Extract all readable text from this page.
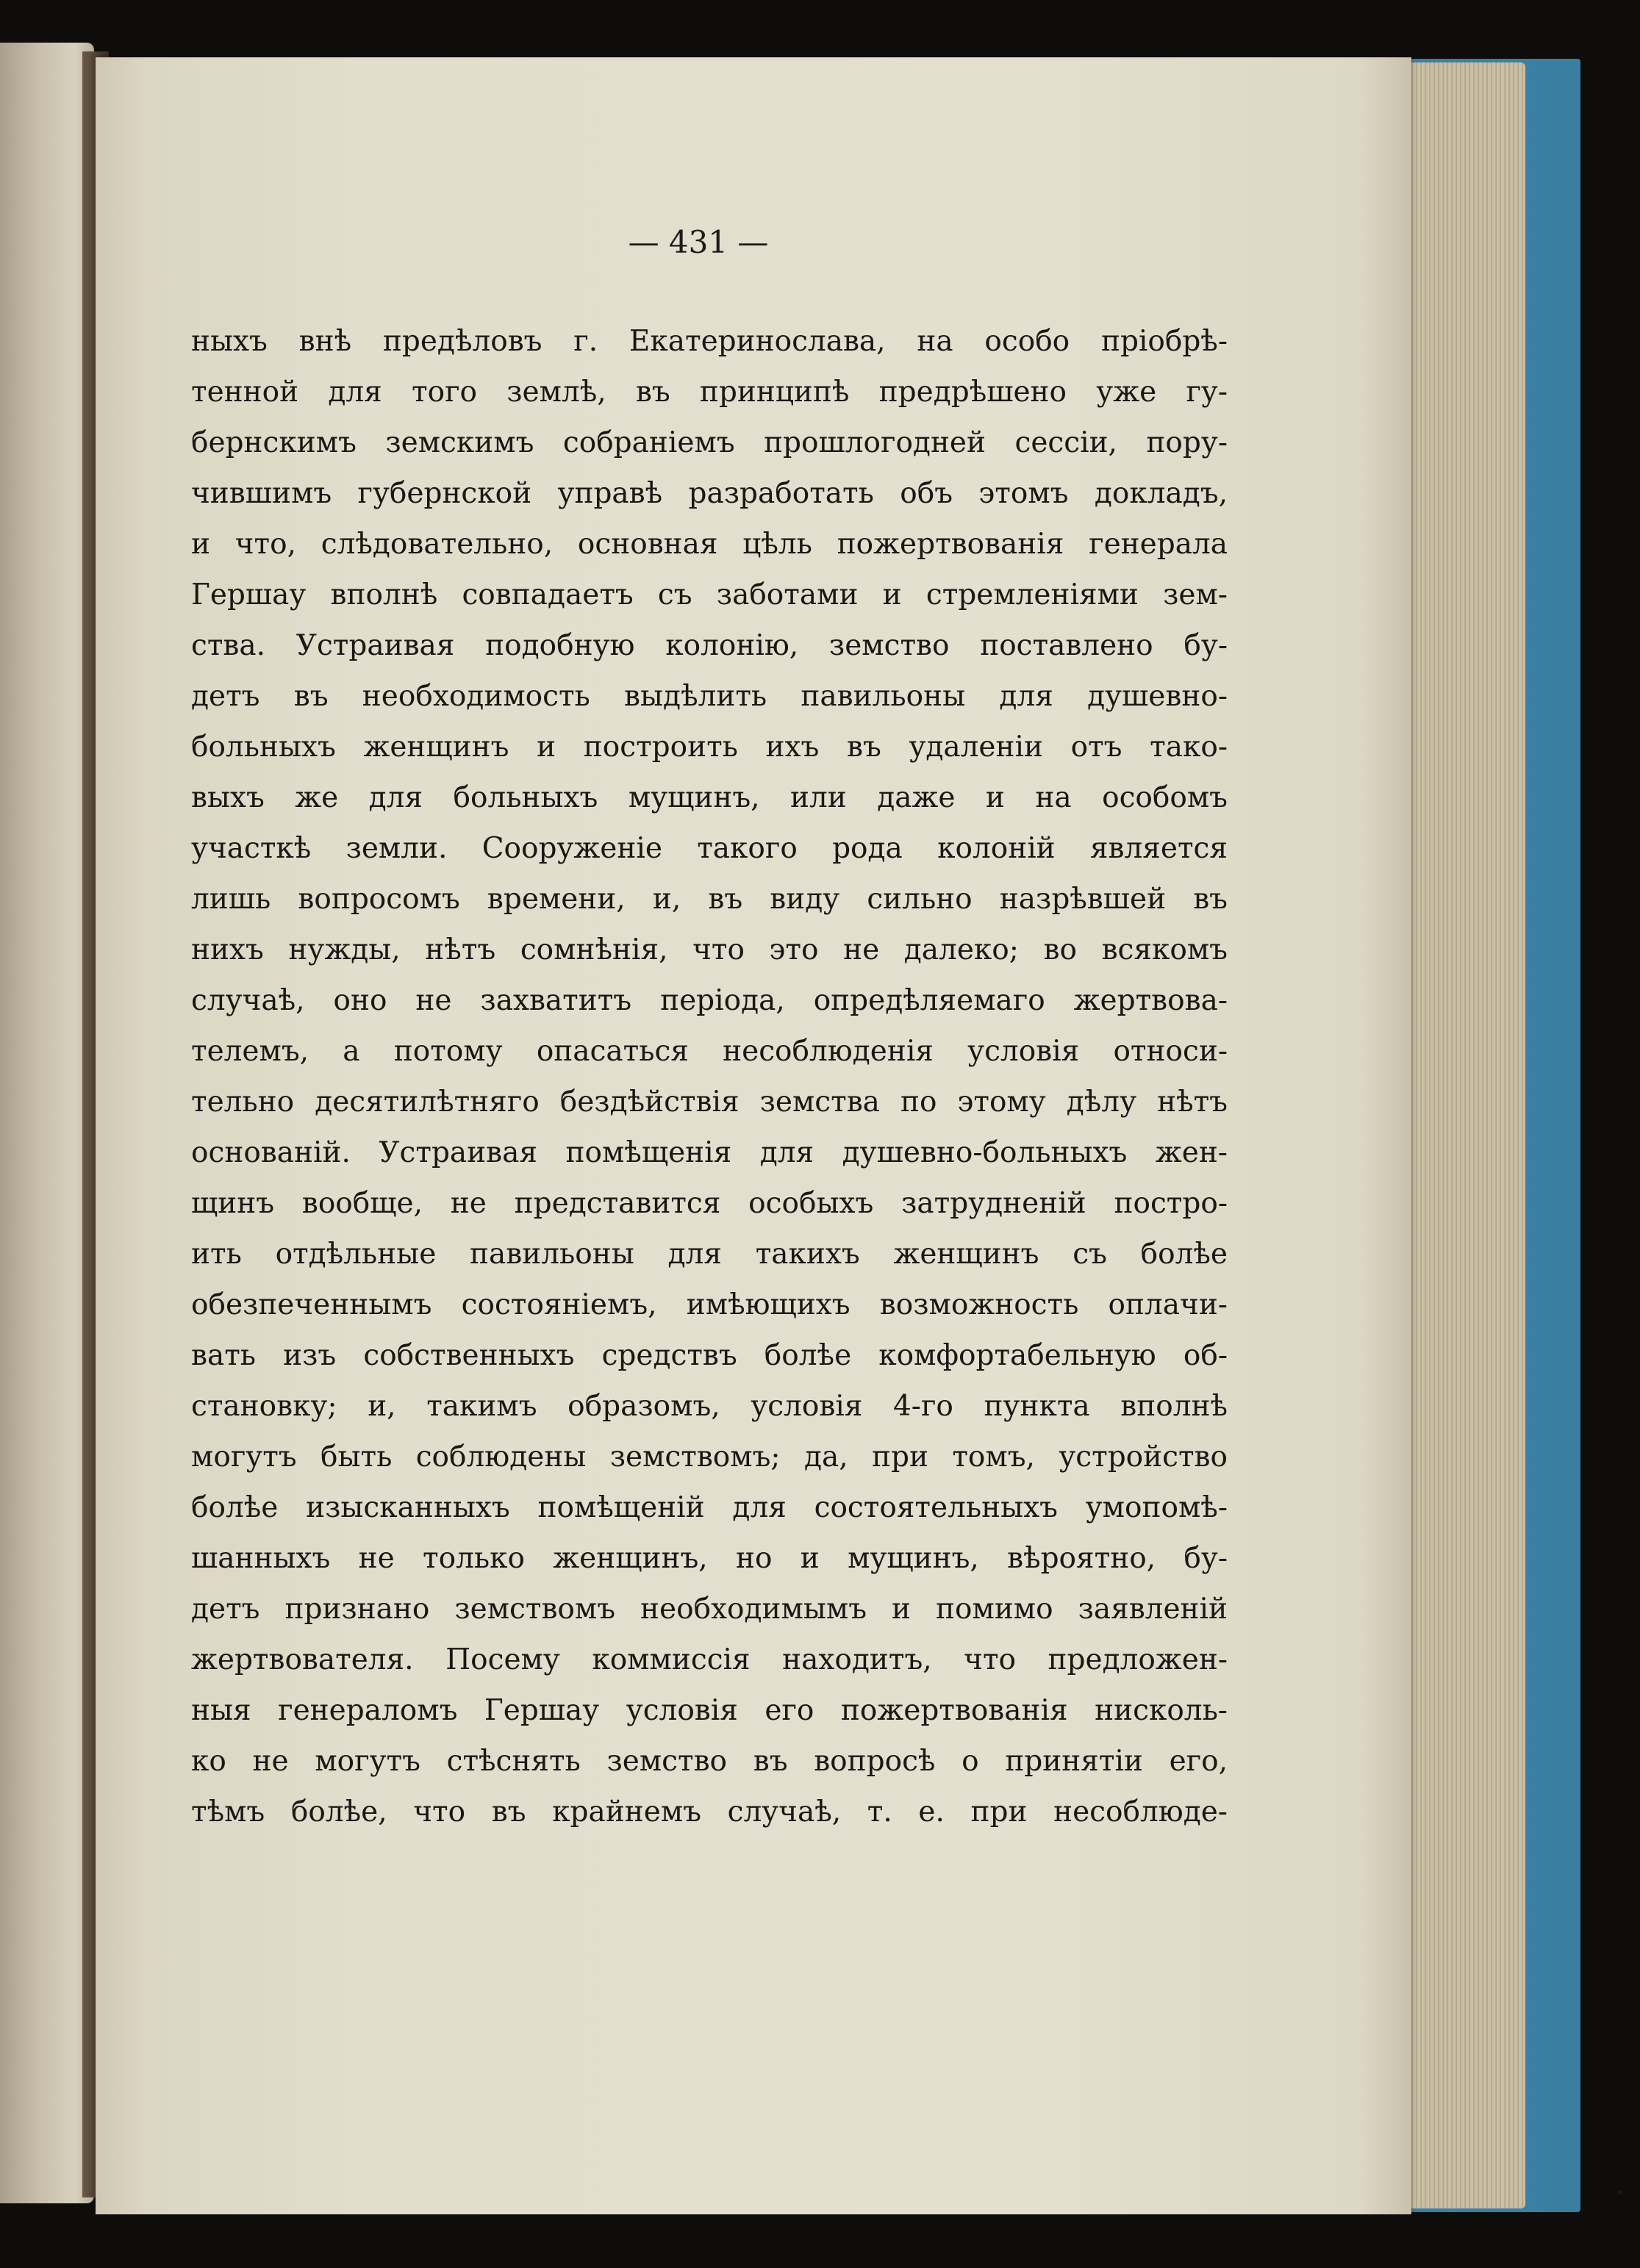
— 431 —
ныхъ внѣ предѣловъ г. Екатеринослава, на особо пріобрѣ-
тенной для того землѣ, въ принципѣ предрѣшено уже гу-
бернскимъ земскимъ собраніемъ прошлогодней сессіи, пору-
чившимъ губернской управѣ разработать объ этомъ докладъ,
и что, слѣдовательно, основная цѣль пожертвованія генерала
Гершау вполнѣ совпадаетъ съ заботами и стремленіями зем-
ства. Устраивая подобную колонію, земство поставлено бу-
детъ въ необходимость выдѣлить павильоны для душевно-
больныхъ женщинъ и построить ихъ въ удаленіи отъ тако-
выхъ же для больныхъ мущинъ, или даже и на особомъ
участкѣ земли. Сооруженіе такого рода колоній является
лишь вопросомъ времени, и, въ виду сильно назрѣвшей въ
нихъ нужды, нѣтъ сомнѣнія, что это не далеко; во всякомъ
случаѣ, оно не захватитъ періода, опредѣляемаго жертвова-
телемъ, а потому опасаться несоблюденія условія относи-
тельно десятилѣтняго бездѣйствія земства по этому дѣлу нѣтъ
основаній. Устраивая помѣщенія для душевно-больныхъ жен-
щинъ вообще, не представится особыхъ затрудненій постро-
ить отдѣльные павильоны для такихъ женщинъ съ болѣе
обезпеченнымъ состояніемъ, имѣющихъ возможность оплачи-
вать изъ собственныхъ средствъ болѣе комфортабельную об-
становку; и, такимъ образомъ, условія 4-го пункта вполнѣ
могутъ быть соблюдены земствомъ; да, при томъ, устройство
болѣе изысканныхъ помѣщеній для состоятельныхъ умопомѣ-
шанныхъ не только женщинъ, но и мущинъ, вѣроятно, бу-
детъ признано земствомъ необходимымъ и помимо заявленій
жертвователя. Посему коммиссія находитъ, что предложен-
ныя генераломъ Гершау условія его пожертвованія нисколь-
ко не могутъ стѣснять земство въ вопросѣ о принятіи его,
тѣмъ болѣе, что въ крайнемъ случаѣ, т. е. при несоблюде-
